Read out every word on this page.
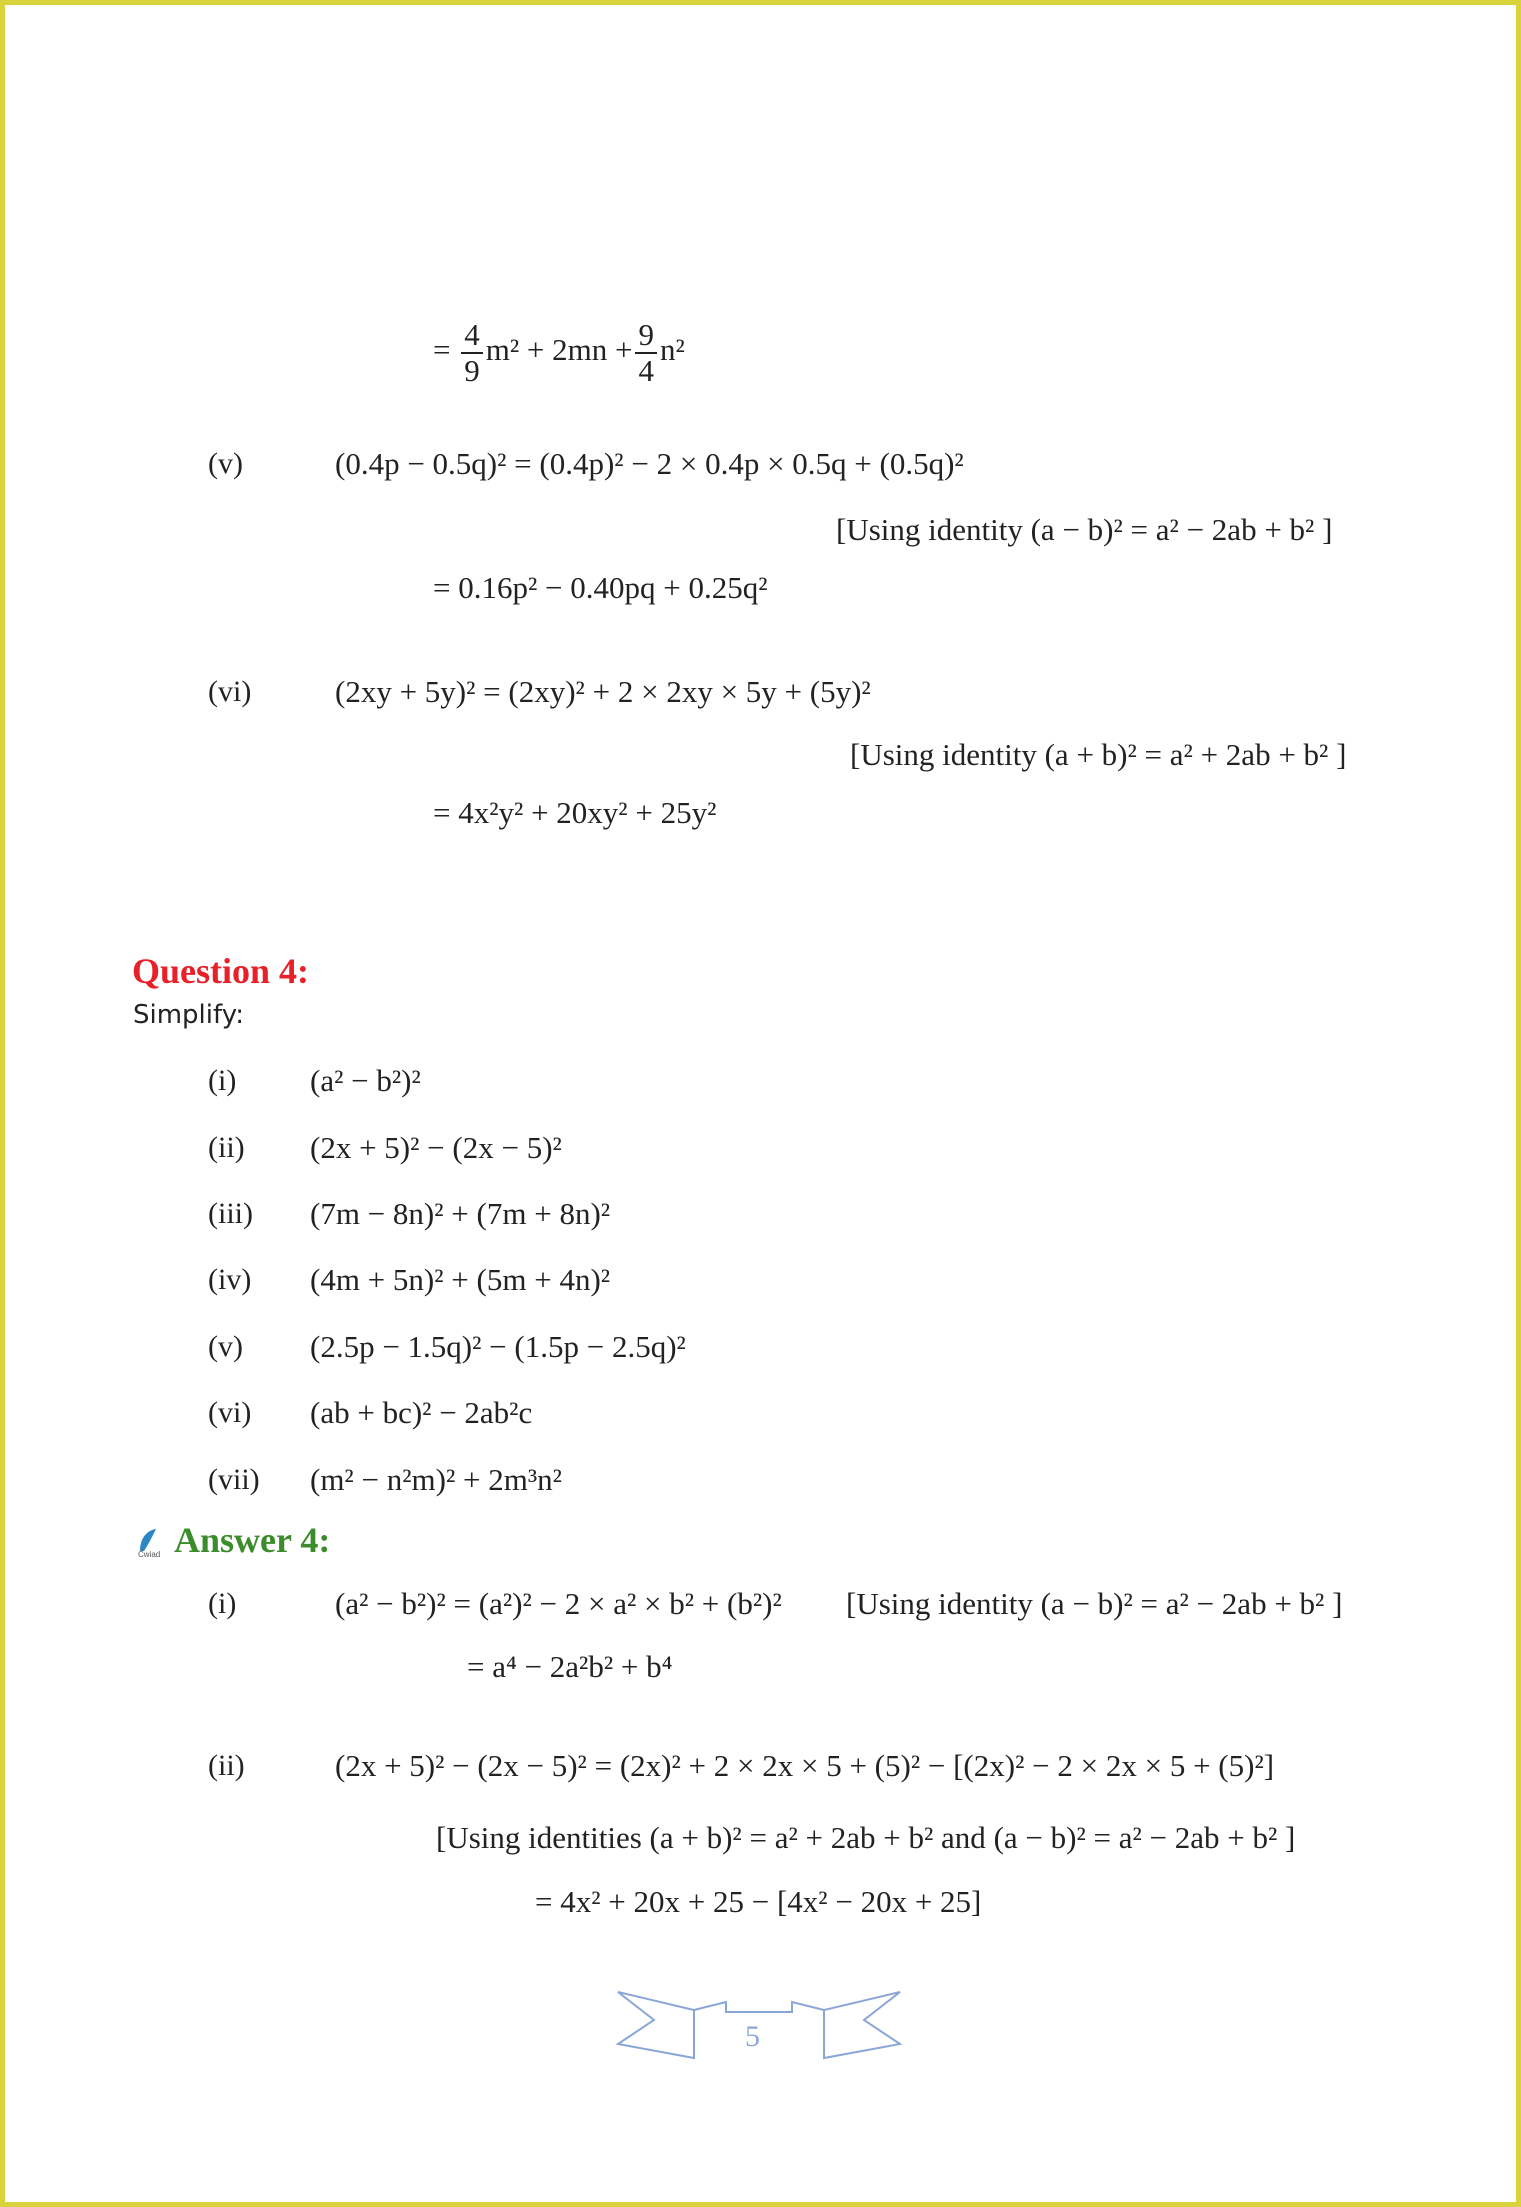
= $\frac{4}{9} m^2 + 2mn + \frac{9}{4} n^2$
(v)	(0.4p − 0.5q)² = (0.4p)² − 2 × 0.4p × 0.5q + (0.5q)²
[Using identity (a − b)² = a² − 2ab + b² ]
= 0.16p² − 0.40pq + 0.25q²
(vi)	(2xy + 5y)² = (2xy)² + 2 × 2xy × 5y + (5y)²
[Using identity (a + b)² = a² + 2ab + b² ]
= 4x²y² + 20xy² + 25y²
Question 4:
Simplify:
(i) (a² − b²)²
(ii) (2x + 5)² − (2x − 5)²
(iii) (7m − 8n)² + (7m + 8n)²
(iv) (4m + 5n)² + (5m + 4n)²
(v) (2.5p − 1.5q)² − (1.5p − 2.5q)²
(vi) (ab + bc)² − 2ab²c
(vii) (m² − n²m)² + 2m³n²
Cwiad Answer 4:
(i)	(a² − b²)² = (a²)² − 2 × a² × b² + (b²)² [Using identity (a − b)² = a² − 2ab + b² ]
= a⁴ − 2a²b² + b⁴
(ii)	(2x + 5)² − (2x − 5)² = (2x)² + 2 × 2x × 5 + (5)² − [(2x)² − 2 × 2x × 5 + (5)²]
[Using identities (a + b)² = a² + 2ab + b² and (a − b)² = a² − 2ab + b² ]
= 4x² + 20x + 25 − [4x² − 20x + 25]
5
